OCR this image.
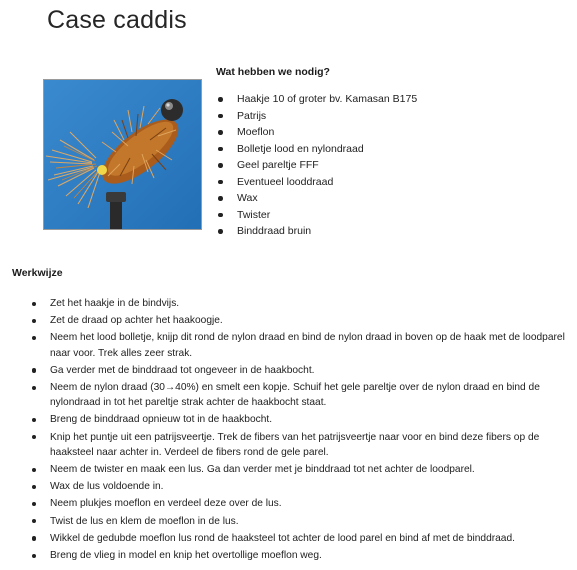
Case caddis
Wat hebben we nodig?
Haakje 10 of groter bv. Kamasan B175
Patrijs
Moeflon
Bolletje lood en nylondraad
Geel pareltje FFF
Eventueel looddraad
Wax
Twister
Binddraad bruin
Werkwijze
Zet het haakje in de bindvijs.
Zet de draad op achter het haakoogje.
Neem het lood bolletje, knijp dit rond de nylon draad en bind de nylon draad in boven op de haak met de loodparel naar voor. Trek alles zeer strak.
Ga verder met de binddraad tot ongeveer in de haakbocht.
Neem de nylon draad (30→40%) en smelt een kopje. Schuif het gele pareltje over de nylon draad en bind de nylondraad in tot het pareltje strak achter de haakbocht staat.
Breng de binddraad opnieuw tot in de haakbocht.
Knip het puntje uit een patrijsveertje. Trek de fibers van het patrijsveertje naar voor en bind deze fibers op de haaksteel naar achter in. Verdeel de fibers rond de gele parel.
Neem de twister en maak een lus. Ga dan verder met je binddraad tot net achter de loodparel.
Wax de lus voldoende in.
Neem plukjes moeflon en verdeel deze over de lus.
Twist de lus en klem de moeflon in de lus.
Wikkel de gedubde moeflon lus rond de haaksteel tot achter de lood parel en bind af met de binddraad.
Breng de vlieg in model en knip het overtollige moeflon weg.
